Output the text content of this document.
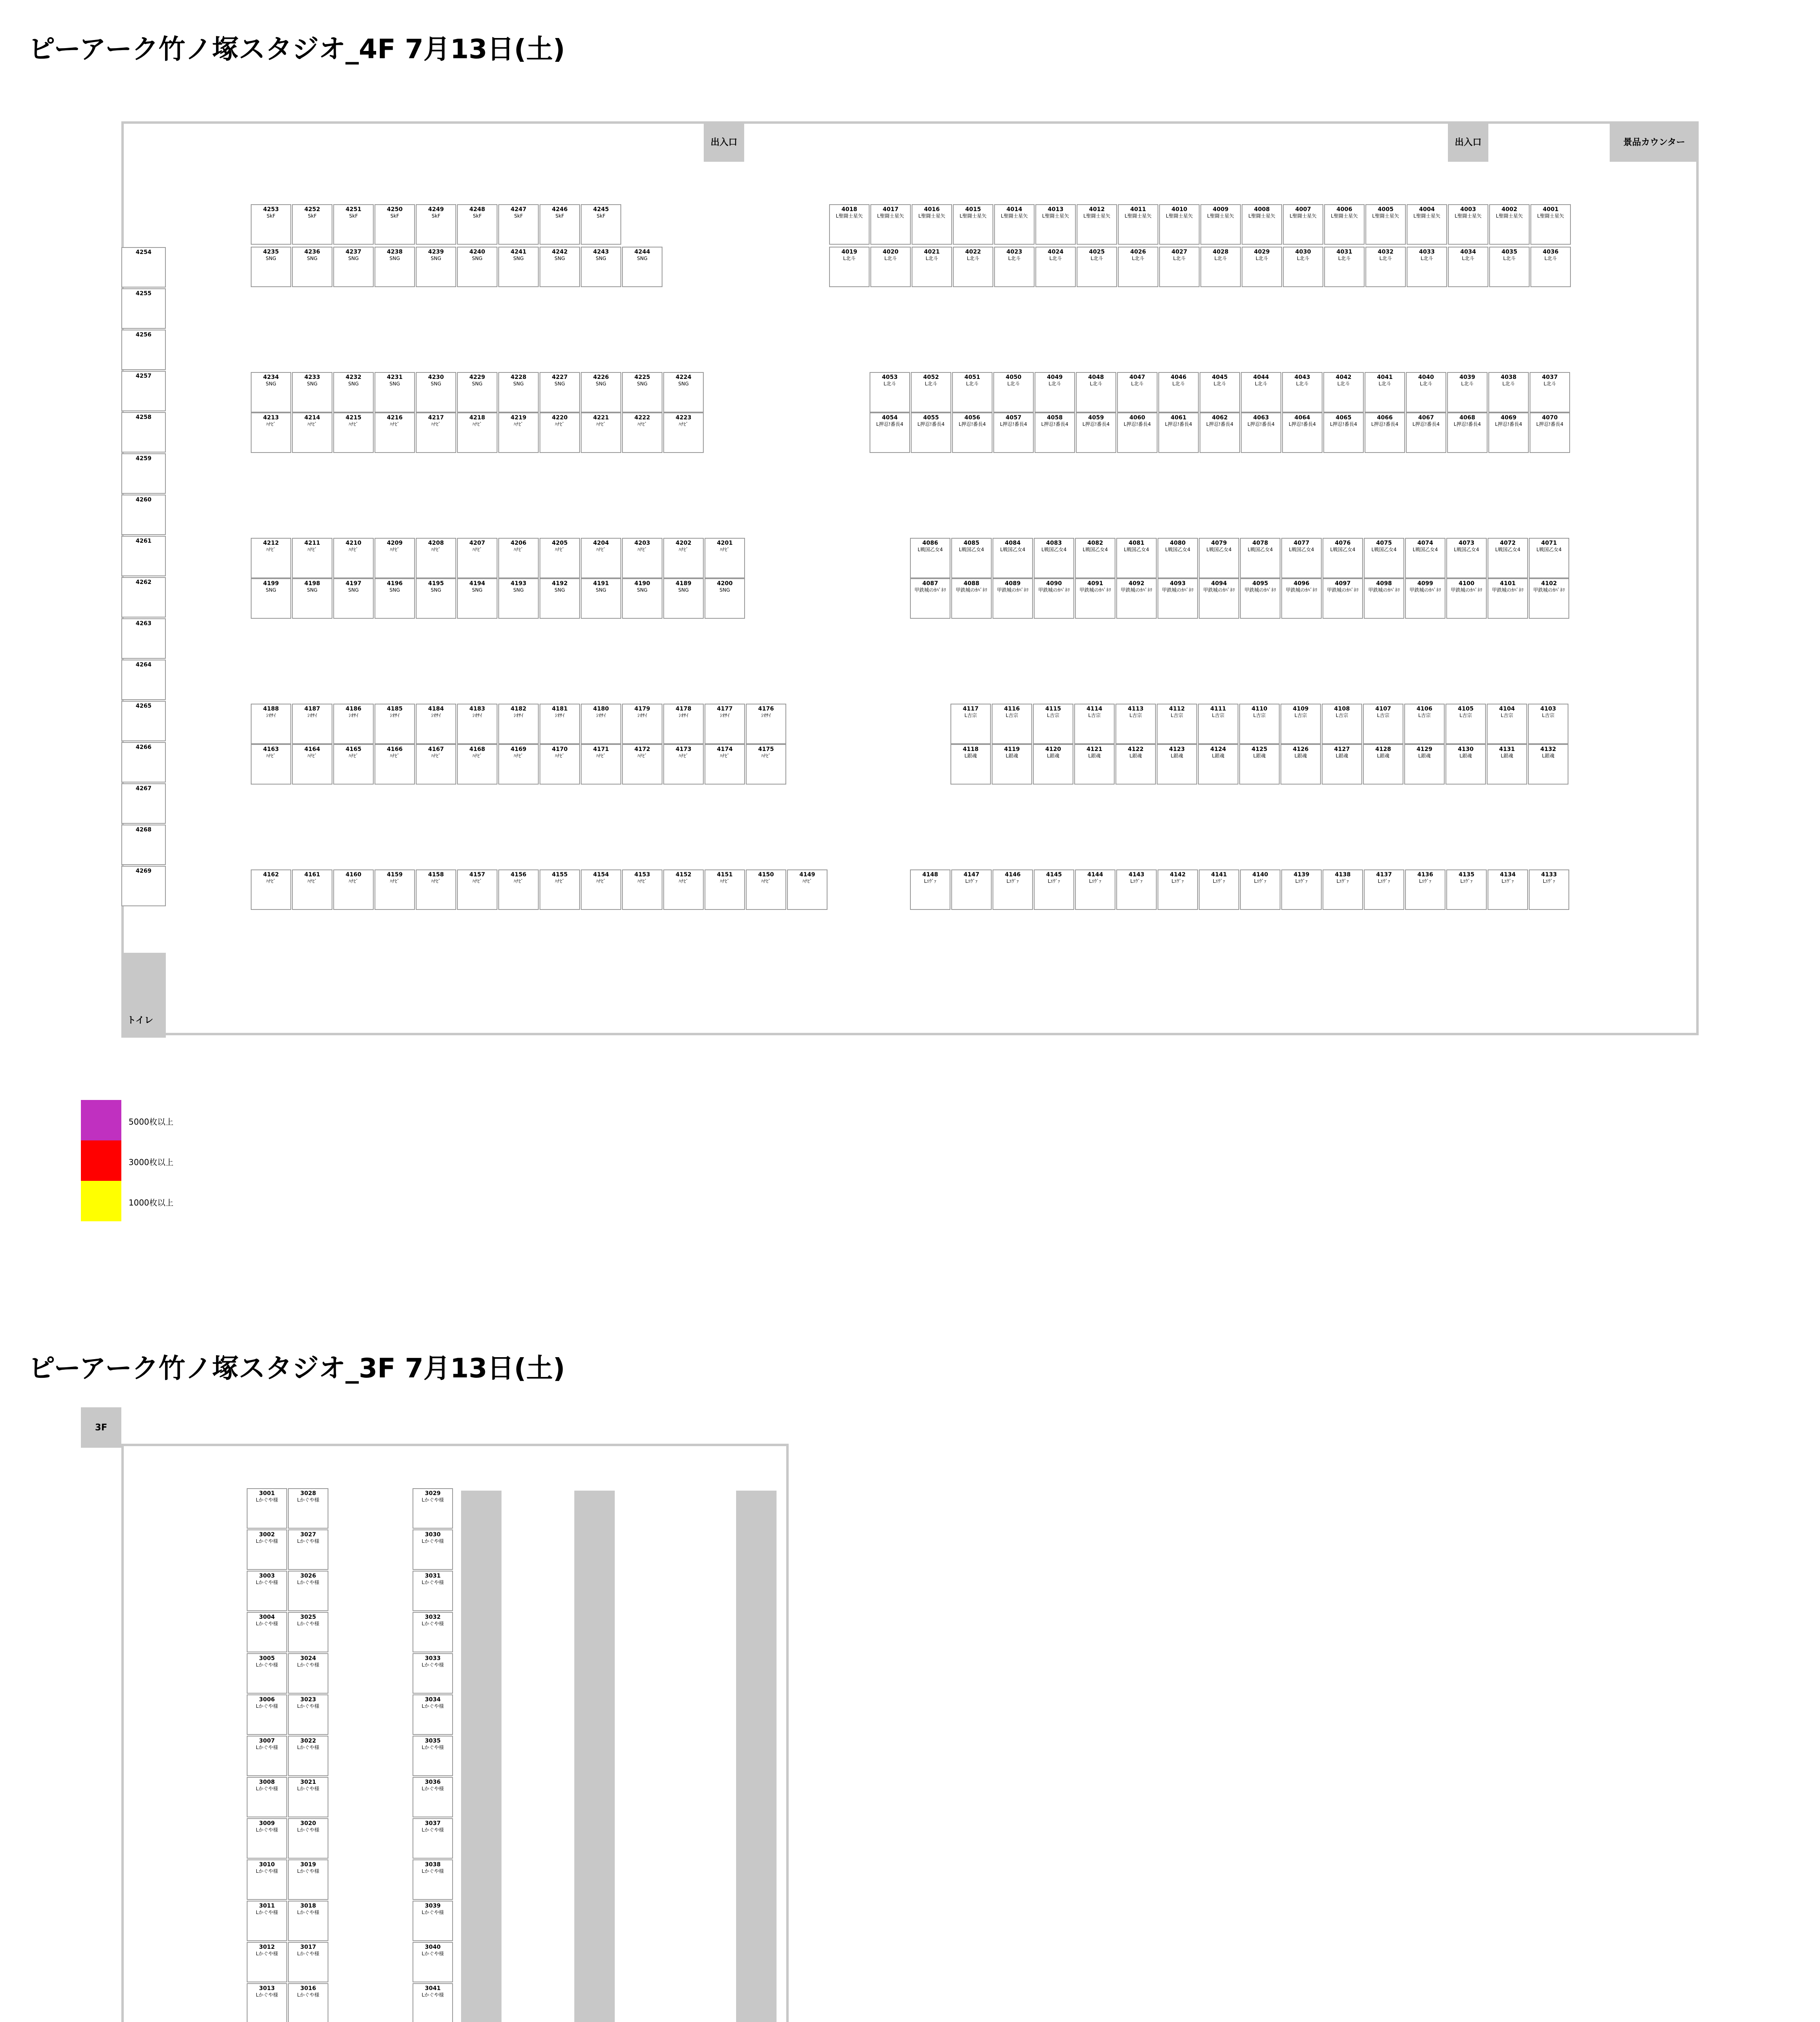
ピーアーク竹ノ塚スタジオ_4F 7月13日(土)
4254
4255
4256
4257
4258
4259
4260
4261
4262
4263
4264
4265
4266
4267
4268
4269
トイレ
出入口	出入口	景品カウンター
4253
SkF
4252
SkF
4251
SkF
4250
SkF
4249
SkF
4248
SkF
4247
SkF
4246
SkF
4245
SkF
4235
SNG
4236
SNG
4237
SNG
4238
SNG
4239
SNG
4240
SNG
4241
SNG
4242
SNG
4243
SNG
4244
SNG
4018
L聖闘士星矢
4017
L聖闘士星矢
4016
L聖闘士星矢
4015
L聖闘士星矢
4014
L聖闘士星矢
4013
L聖闘士星矢
4012
L聖闘士星矢
4011
L聖闘士星矢
4010
L聖闘士星矢
4009
L聖闘士星矢
4008
L聖闘士星矢
4007
L聖闘士星矢
4006
L聖闘士星矢
4005
L聖闘士星矢
4004
L聖闘士星矢
4003
L聖闘士星矢
4002
L聖闘士星矢
4001
L聖闘士星矢
4019
L北斗
4020
L北斗
4021
L北斗
4022
L北斗
4023
L北斗
4024
L北斗
4025
L北斗
4026
L北斗
4027
L北斗
4028
L北斗
4029
L北斗
4030
L北斗
4031
L北斗
4032
L北斗
4033
L北斗
4034
L北斗
4035
L北斗
4036
L北斗
4234
SNG
4233
SNG
4232
SNG
4231
SNG
4230
SNG
4229
SNG
4228
SNG
4227
SNG
4226
SNG
4225
SNG
4224
SNG
4213
ﾊﾅﾋﾞ
4214
ﾊﾅﾋﾞ
4215
ﾊﾅﾋﾞ
4216
ﾊﾅﾋﾞ
4217
ﾊﾅﾋﾞ
4218
ﾊﾅﾋﾞ
4219
ﾊﾅﾋﾞ
4220
ﾊﾅﾋﾞ
4221
ﾊﾅﾋﾞ
4222
ﾊﾅﾋﾞ
4223
ﾊﾅﾋﾞ
4053
L北斗
4052
L北斗
4051
L北斗
4050
L北斗
4049
L北斗
4048
L北斗
4047
L北斗
4046
L北斗
4045
L北斗
4044
L北斗
4043
L北斗
4042
L北斗
4041
L北斗
4040
L北斗
4039
L北斗
4038
L北斗
4037
L北斗
4054
L押忍!番長4
4055
L押忍!番長4
4056
L押忍!番長4
4057
L押忍!番長4
4058
L押忍!番長4
4059
L押忍!番長4
4060
L押忍!番長4
4061
L押忍!番長4
4062
L押忍!番長4
4063
L押忍!番長4
4064
L押忍!番長4
4065
L押忍!番長4
4066
L押忍!番長4
4067
L押忍!番長4
4068
L押忍!番長4
4069
L押忍!番長4
4070
L押忍!番長4
4212
ﾊﾅﾋﾞ
4211
ﾊﾅﾋﾞ
4210
ﾊﾅﾋﾞ
4209
ﾊﾅﾋﾞ
4208
ﾊﾅﾋﾞ
4207
ﾊﾅﾋﾞ
4206
ﾊﾅﾋﾞ
4205
ﾊﾅﾋﾞ
4204
ﾊﾅﾋﾞ
4203
ﾊﾅﾋﾞ
4202
ﾊﾅﾋﾞ
4201
ﾊﾅﾋﾞ
4199
SNG
4198
SNG
4197
SNG
4196
SNG
4195
SNG
4194
SNG
4193
SNG
4192
SNG
4191
SNG
4190
SNG
4189
SNG
4200
SNG
4086
L戦国乙女4
4085
L戦国乙女4
4084
L戦国乙女4
4083
L戦国乙女4
4082
L戦国乙女4
4081
L戦国乙女4
4080
L戦国乙女4
4079
L戦国乙女4
4078
L戦国乙女4
4077
L戦国乙女4
4076
L戦国乙女4
4075
L戦国乙女4
4074
L戦国乙女4
4073
L戦国乙女4
4072
L戦国乙女4
4071
L戦国乙女4
4087
甲鉄城のｶﾊﾞﾈﾘ
4088
甲鉄城のｶﾊﾞﾈﾘ
4089
甲鉄城のｶﾊﾞﾈﾘ
4090
甲鉄城のｶﾊﾞﾈﾘ
4091
甲鉄城のｶﾊﾞﾈﾘ
4092
甲鉄城のｶﾊﾞﾈﾘ
4093
甲鉄城のｶﾊﾞﾈﾘ
4094
甲鉄城のｶﾊﾞﾈﾘ
4095
甲鉄城のｶﾊﾞﾈﾘ
4096
甲鉄城のｶﾊﾞﾈﾘ
4097
甲鉄城のｶﾊﾞﾈﾘ
4098
甲鉄城のｶﾊﾞﾈﾘ
4099
甲鉄城のｶﾊﾞﾈﾘ
4100
甲鉄城のｶﾊﾞﾈﾘ
4101
甲鉄城のｶﾊﾞﾈﾘ
4102
甲鉄城のｶﾊﾞﾈﾘ
4188
ｼｵｻｲ
4187
ｼｵｻｲ
4186
ｼｵｻｲ
4185
ｼｵｻｲ
4184
ｼｵｻｲ
4183
ｼｵｻｲ
4182
ｼｵｻｲ
4181
ｼｵｻｲ
4180
ｼｵｻｲ
4179
ｼｵｻｲ
4178
ｼｵｻｲ
4177
ｼｵｻｲ
4176
ｼｵｻｲ
4163
ﾊﾅﾋﾞ
4164
ﾊﾅﾋﾞ
4165
ﾊﾅﾋﾞ
4166
ﾊﾅﾋﾞ
4167
ﾊﾅﾋﾞ
4168
ﾊﾅﾋﾞ
4169
ﾊﾅﾋﾞ
4170
ﾊﾅﾋﾞ
4171
ﾊﾅﾋﾞ
4172
ﾊﾅﾋﾞ
4173
ﾊﾅﾋﾞ
4174
ﾊﾅﾋﾞ
4175
ﾊﾅﾋﾞ
4117
L吉宗
4116
L吉宗
4115
L吉宗
4114
L吉宗
4113
L吉宗
4112
L吉宗
4111
L吉宗
4110
L吉宗
4109
L吉宗
4108
L吉宗
4107
L吉宗
4106
L吉宗
4105
L吉宗
4104
L吉宗
4103
L吉宗
4118
L銀魂
4119
L銀魂
4120
L銀魂
4121
L銀魂
4122
L銀魂
4123
L銀魂
4124
L銀魂
4125
L銀魂
4126
L銀魂
4127
L銀魂
4128
L銀魂
4129
L銀魂
4130
L銀魂
4131
L銀魂
4132
L銀魂
4162
ﾊﾅﾋﾞ
4161
ﾊﾅﾋﾞ
4160
ﾊﾅﾋﾞ
4159
ﾊﾅﾋﾞ
4158
ﾊﾅﾋﾞ
4157
ﾊﾅﾋﾞ
4156
ﾊﾅﾋﾞ
4155
ﾊﾅﾋﾞ
4154
ﾊﾅﾋﾞ
4153
ﾊﾅﾋﾞ
4152
ﾊﾅﾋﾞ
4151
ﾊﾅﾋﾞ
4150
ﾊﾅﾋﾞ
4149
ﾊﾅﾋﾞ
4148
Lｴｳﾞｧ
4147
Lｴｳﾞｧ
4146
Lｴｳﾞｧ
4145
Lｴｳﾞｧ
4144
Lｴｳﾞｧ
4143
Lｴｳﾞｧ
4142
Lｴｳﾞｧ
4141
Lｴｳﾞｧ
4140
Lｴｳﾞｧ
4139
Lｴｳﾞｧ
4138
Lｴｳﾞｧ
4137
Lｴｳﾞｧ
4136
Lｴｳﾞｧ
4135
Lｴｳﾞｧ
4134
Lｴｳﾞｧ
4133
Lｴｳﾞｧ
5000枚以上
3000枚以上
1000枚以上
ピーアーク竹ノ塚スタジオ_3F 7月13日(土)
3F
3001
Lかぐや様
3002
Lかぐや様
3003
Lかぐや様
3004
Lかぐや様
3005
Lかぐや様
3006
Lかぐや様
3007
Lかぐや様
3008
Lかぐや様
3009
Lかぐや様
3010
Lかぐや様
3011
Lかぐや様
3012
Lかぐや様
3013
Lかぐや様
3028
Lかぐや様
3027
Lかぐや様
3026
Lかぐや様
3025
Lかぐや様
3024
Lかぐや様
3023
Lかぐや様
3022
Lかぐや様
3021
Lかぐや様
3020
Lかぐや様
3019
Lかぐや様
3018
Lかぐや様
3017
Lかぐや様
3016
Lかぐや様
3029
Lかぐや様
3030
Lかぐや様
3031
Lかぐや様
3032
Lかぐや様
3033
Lかぐや様
3034
Lかぐや様
3035
Lかぐや様
3036
Lかぐや様
3037
Lかぐや様
3038
Lかぐや様
3039
Lかぐや様
3040
Lかぐや様
3041
Lかぐや様
